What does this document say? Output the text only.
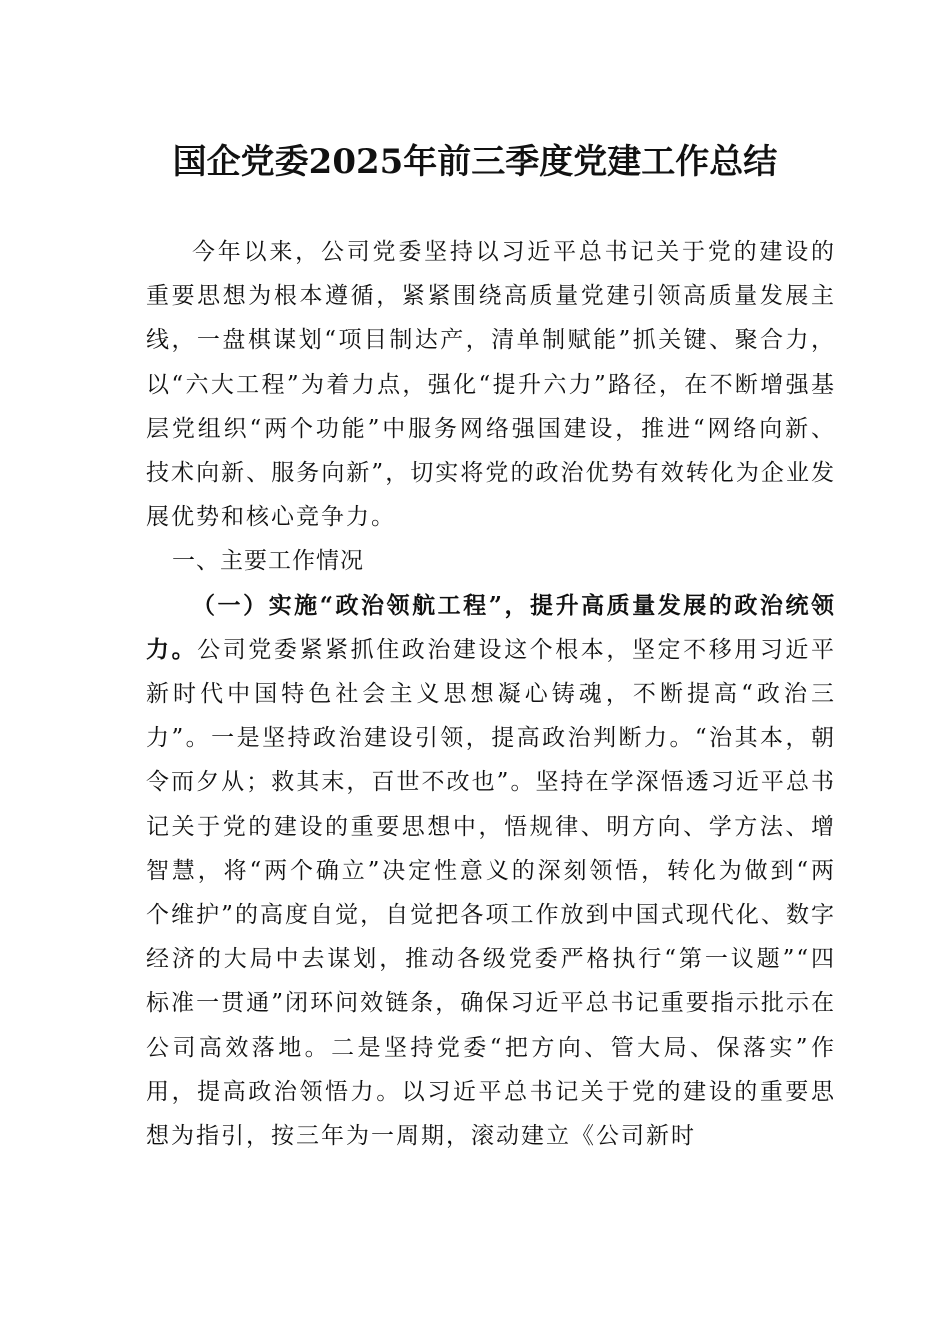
国企党委2025年前三季度党建工作总结

今年以来，公司党委坚持以习近平总书记关于党的建设的重要思想为根本遵循，紧紧围绕高质量党建引领高质量发展主线，一盘棋谋划“项目制达产，清单制赋能”抓关键、聚合力，以“六大工程”为着力点，强化“提升六力”路径，在不断增强基层党组织“两个功能”中服务网络强国建设，推进“网络向新、技术向新、服务向新”，切实将党的政治优势有效转化为企业发展优势和核心竞争力。

一、主要工作情况

（一）实施“政治领航工程”，提升高质量发展的政治统领力。公司党委紧紧抓住政治建设这个根本，坚定不移用习近平新时代中国特色社会主义思想凝心铸魂，不断提高“政治三力”。一是坚持政治建设引领，提高政治判断力。“治其本，朝令而夕从；救其末，百世不改也”。坚持在学深悟透习近平总书记关于党的建设的重要思想中，悟规律、明方向、学方法、增智慧，将“两个确立”决定性意义的深刻领悟，转化为做到“两个维护”的高度自觉，自觉把各项工作放到中国式现代化、数字经济的大局中去谋划，推动各级党委严格执行“第一议题”“四标准一贯通”闭环问效链条，确保习近平总书记重要指示批示在公司高效落地。二是坚持党委“把方向、管大局、保落实”作用，提高政治领悟力。以习近平总书记关于党的建设的重要思想为指引，按三年为一周期，滚动建立《公司新时
